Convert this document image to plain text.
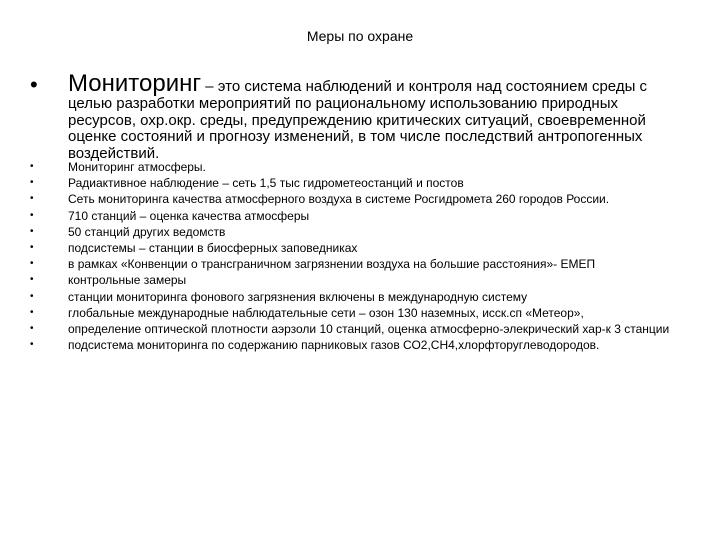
Меры по охране
• Мониторинг – это система наблюдений и контроля над состоянием среды с целью разработки мероприятий по рациональному использованию природных ресурсов, охр.окр. среды, предупреждению критических ситуаций, своевременной оценке состояний и прогнозу изменений, в том числе последствий антропогенных воздействий.
•	Мониторинг атмосферы.
•	Радиактивное наблюдение – сеть 1,5 тыс гидрометеостанций и постов
•	Сеть мониторинга качества атмосферного воздуха в системе Росгидромета 260 городов России.
•	710 станций – оценка качества атмосферы
•	50 станций других ведомств
•	подсистемы – станции в биосферных заповедниках
•	в рамках «Конвенции о трансграничном загрязнении воздуха на большие расстояния»- ЕМЕП
•	контрольные замеры
•	станции мониторинга фонового загрязнения включены в международную систему
•	глобальные международные наблюдательные сети – озон 130 наземных, исск.сп «Метеор»,
•	определение оптической плотности аэрзоли 10 станций, оценка атмосферно-элекрический хар-к 3 станции
•	подсистема мониторинга по содержанию парниковых газов СО2,СН4,хлорфторуглеводородов.
